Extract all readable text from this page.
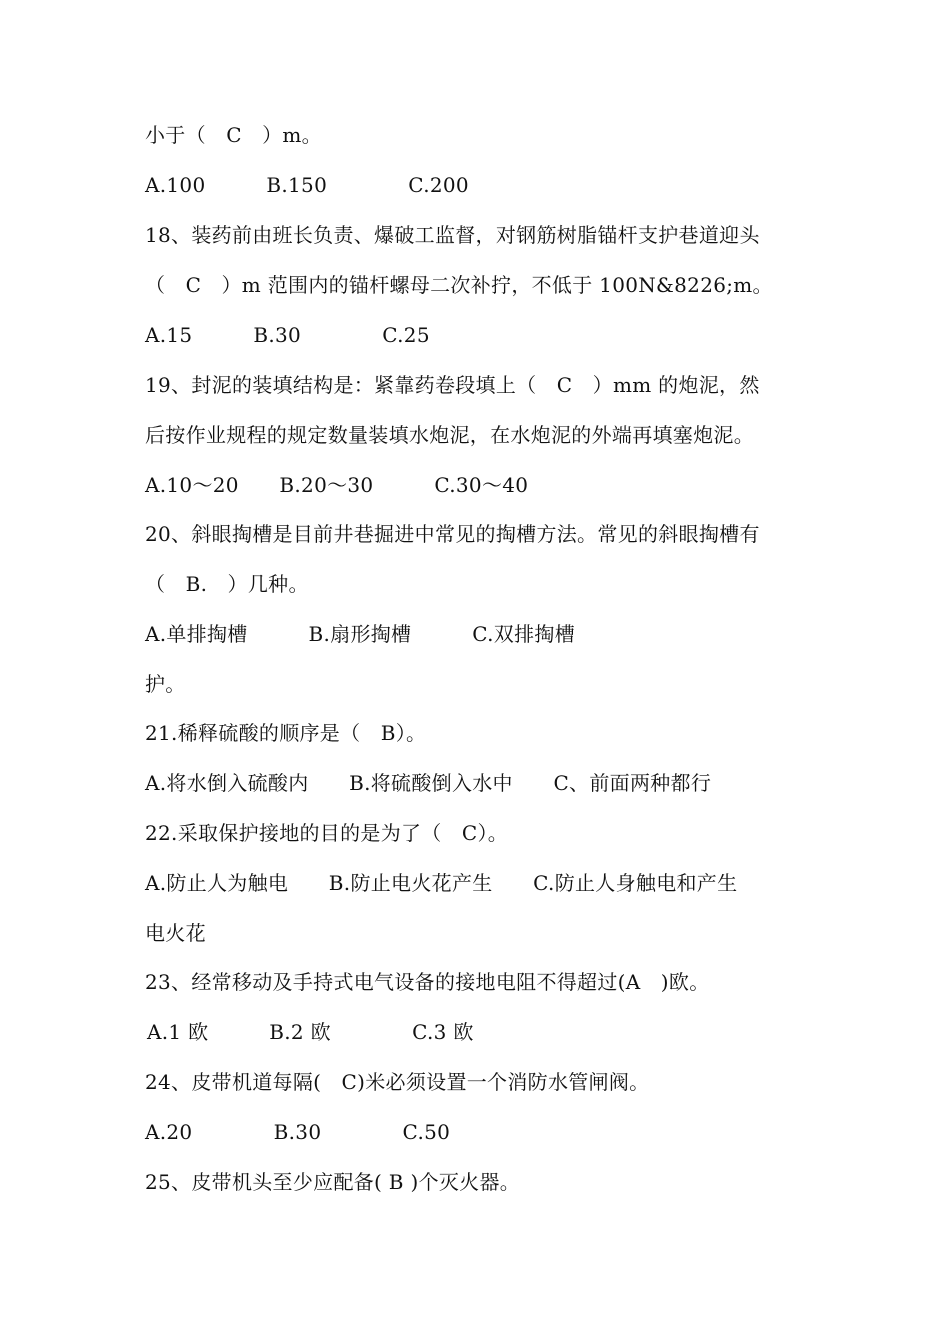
小于（　C　）m。
A.100　　　B.150　　　　C.200
18、装药前由班长负责、爆破工监督，对钢筋树脂锚杆支护巷道迎头
（　C　）m 范围内的锚杆螺母二次补拧，不低于 100N&8226;m。
A.15　　　B.30　　　　C.25
19、封泥的装填结构是：紧靠药卷段填上（　C　）mm 的炮泥，然
后按作业规程的规定数量装填水炮泥，在水炮泥的外端再填塞炮泥。
A.10～20　　B.20～30　　　C.30～40
20、斜眼掏槽是目前井巷掘进中常见的掏槽方法。常见的斜眼掏槽有
（　B.　）几种。
A.单排掏槽　　　B.扇形掏槽　　　C.双排掏槽
护。
21.稀释硫酸的顺序是（　B）。
A.将水倒入硫酸内　　B.将硫酸倒入水中　　C、前面两种都行
22.采取保护接地的目的是为了（　C）。
A.防止人为触电　　B.防止电火花产生　　C.防止人身触电和产生
电火花
23、经常移动及手持式电气设备的接地电阻不得超过(A　)欧。
A.1 欧　　　B.2 欧　　　　C.3 欧
24、皮带机道每隔(　C)米必须设置一个消防水管闸阀。
A.20　　　　B.30　　　　C.50
25、皮带机头至少应配备( B )个灭火器。
